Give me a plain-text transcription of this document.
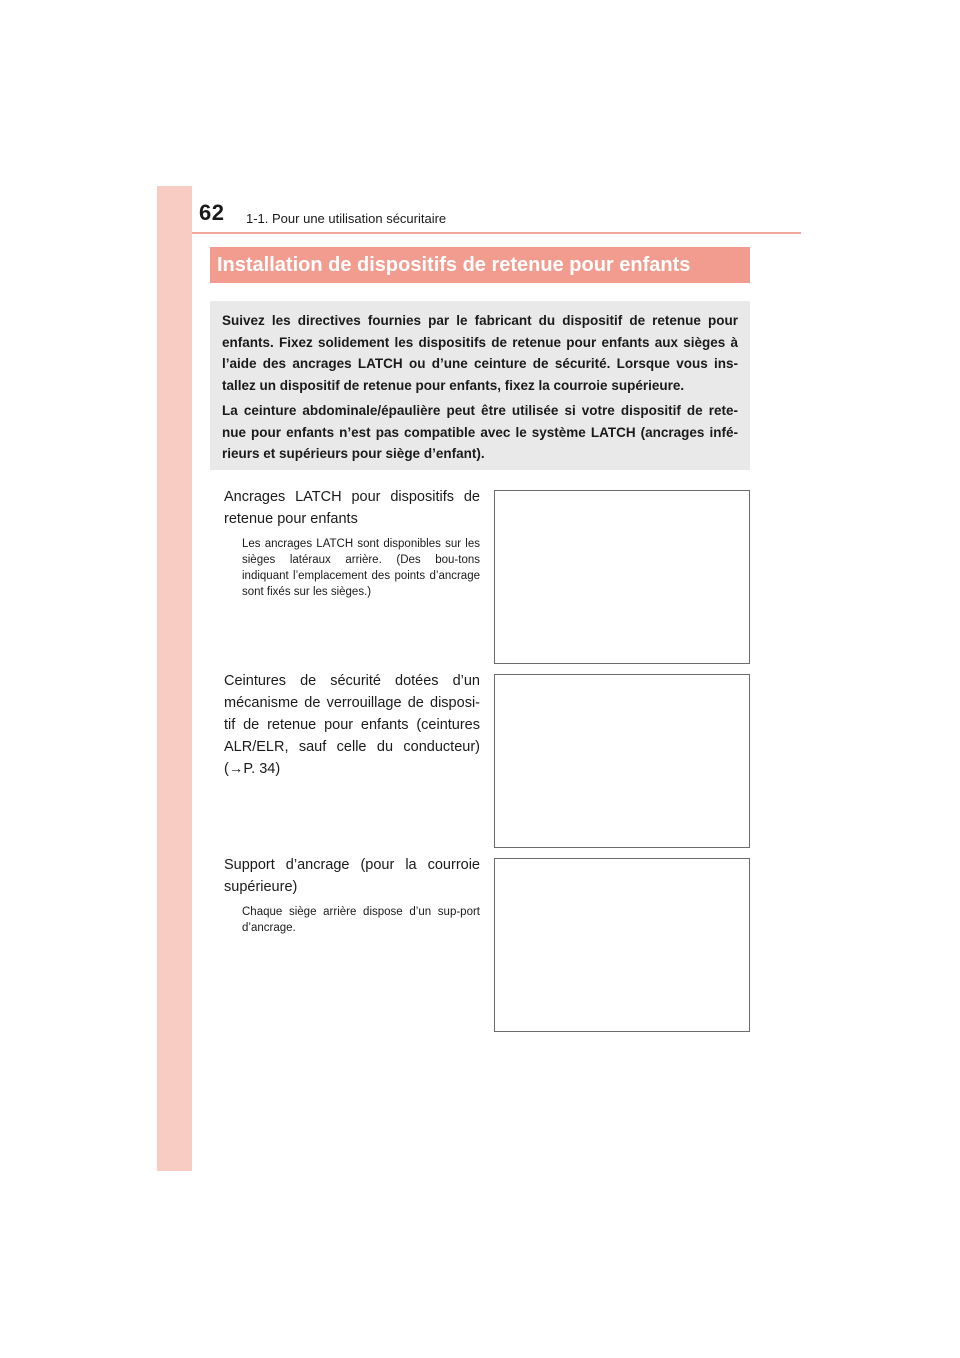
62 1-1. Pour une utilisation sécuritaire
Installation de dispositifs de retenue pour enfants

Suivez les directives fournies par le fabricant du dispositif de retenue pour enfants. Fixez solidement les dispositifs de retenue pour enfants aux sièges à l’aide des ancrages LATCH ou d’une ceinture de sécurité. Lorsque vous ins-tallez un dispositif de retenue pour enfants, fixez la courroie supérieure.

La ceinture abdominale/épaulière peut être utilisée si votre dispositif de rete-nue pour enfants n’est pas compatible avec le système LATCH (ancrages infé-rieurs et supérieurs pour siège d’enfant).

Ancrages LATCH pour dispositifs de retenue pour enfants

Les ancrages LATCH sont disponibles sur les sièges latéraux arrière. (Des bou-tons indiquant l’emplacement des points d’ancrage sont fixés sur les sièges.)

Ceintures de sécurité dotées d’un mécanisme de verrouillage de disposi-tif de retenue pour enfants (ceintures ALR/ELR, sauf celle du conducteur) (→P. 34)

Support d’ancrage (pour la courroie supérieure)

Chaque siège arrière dispose d’un sup-port d’ancrage.
